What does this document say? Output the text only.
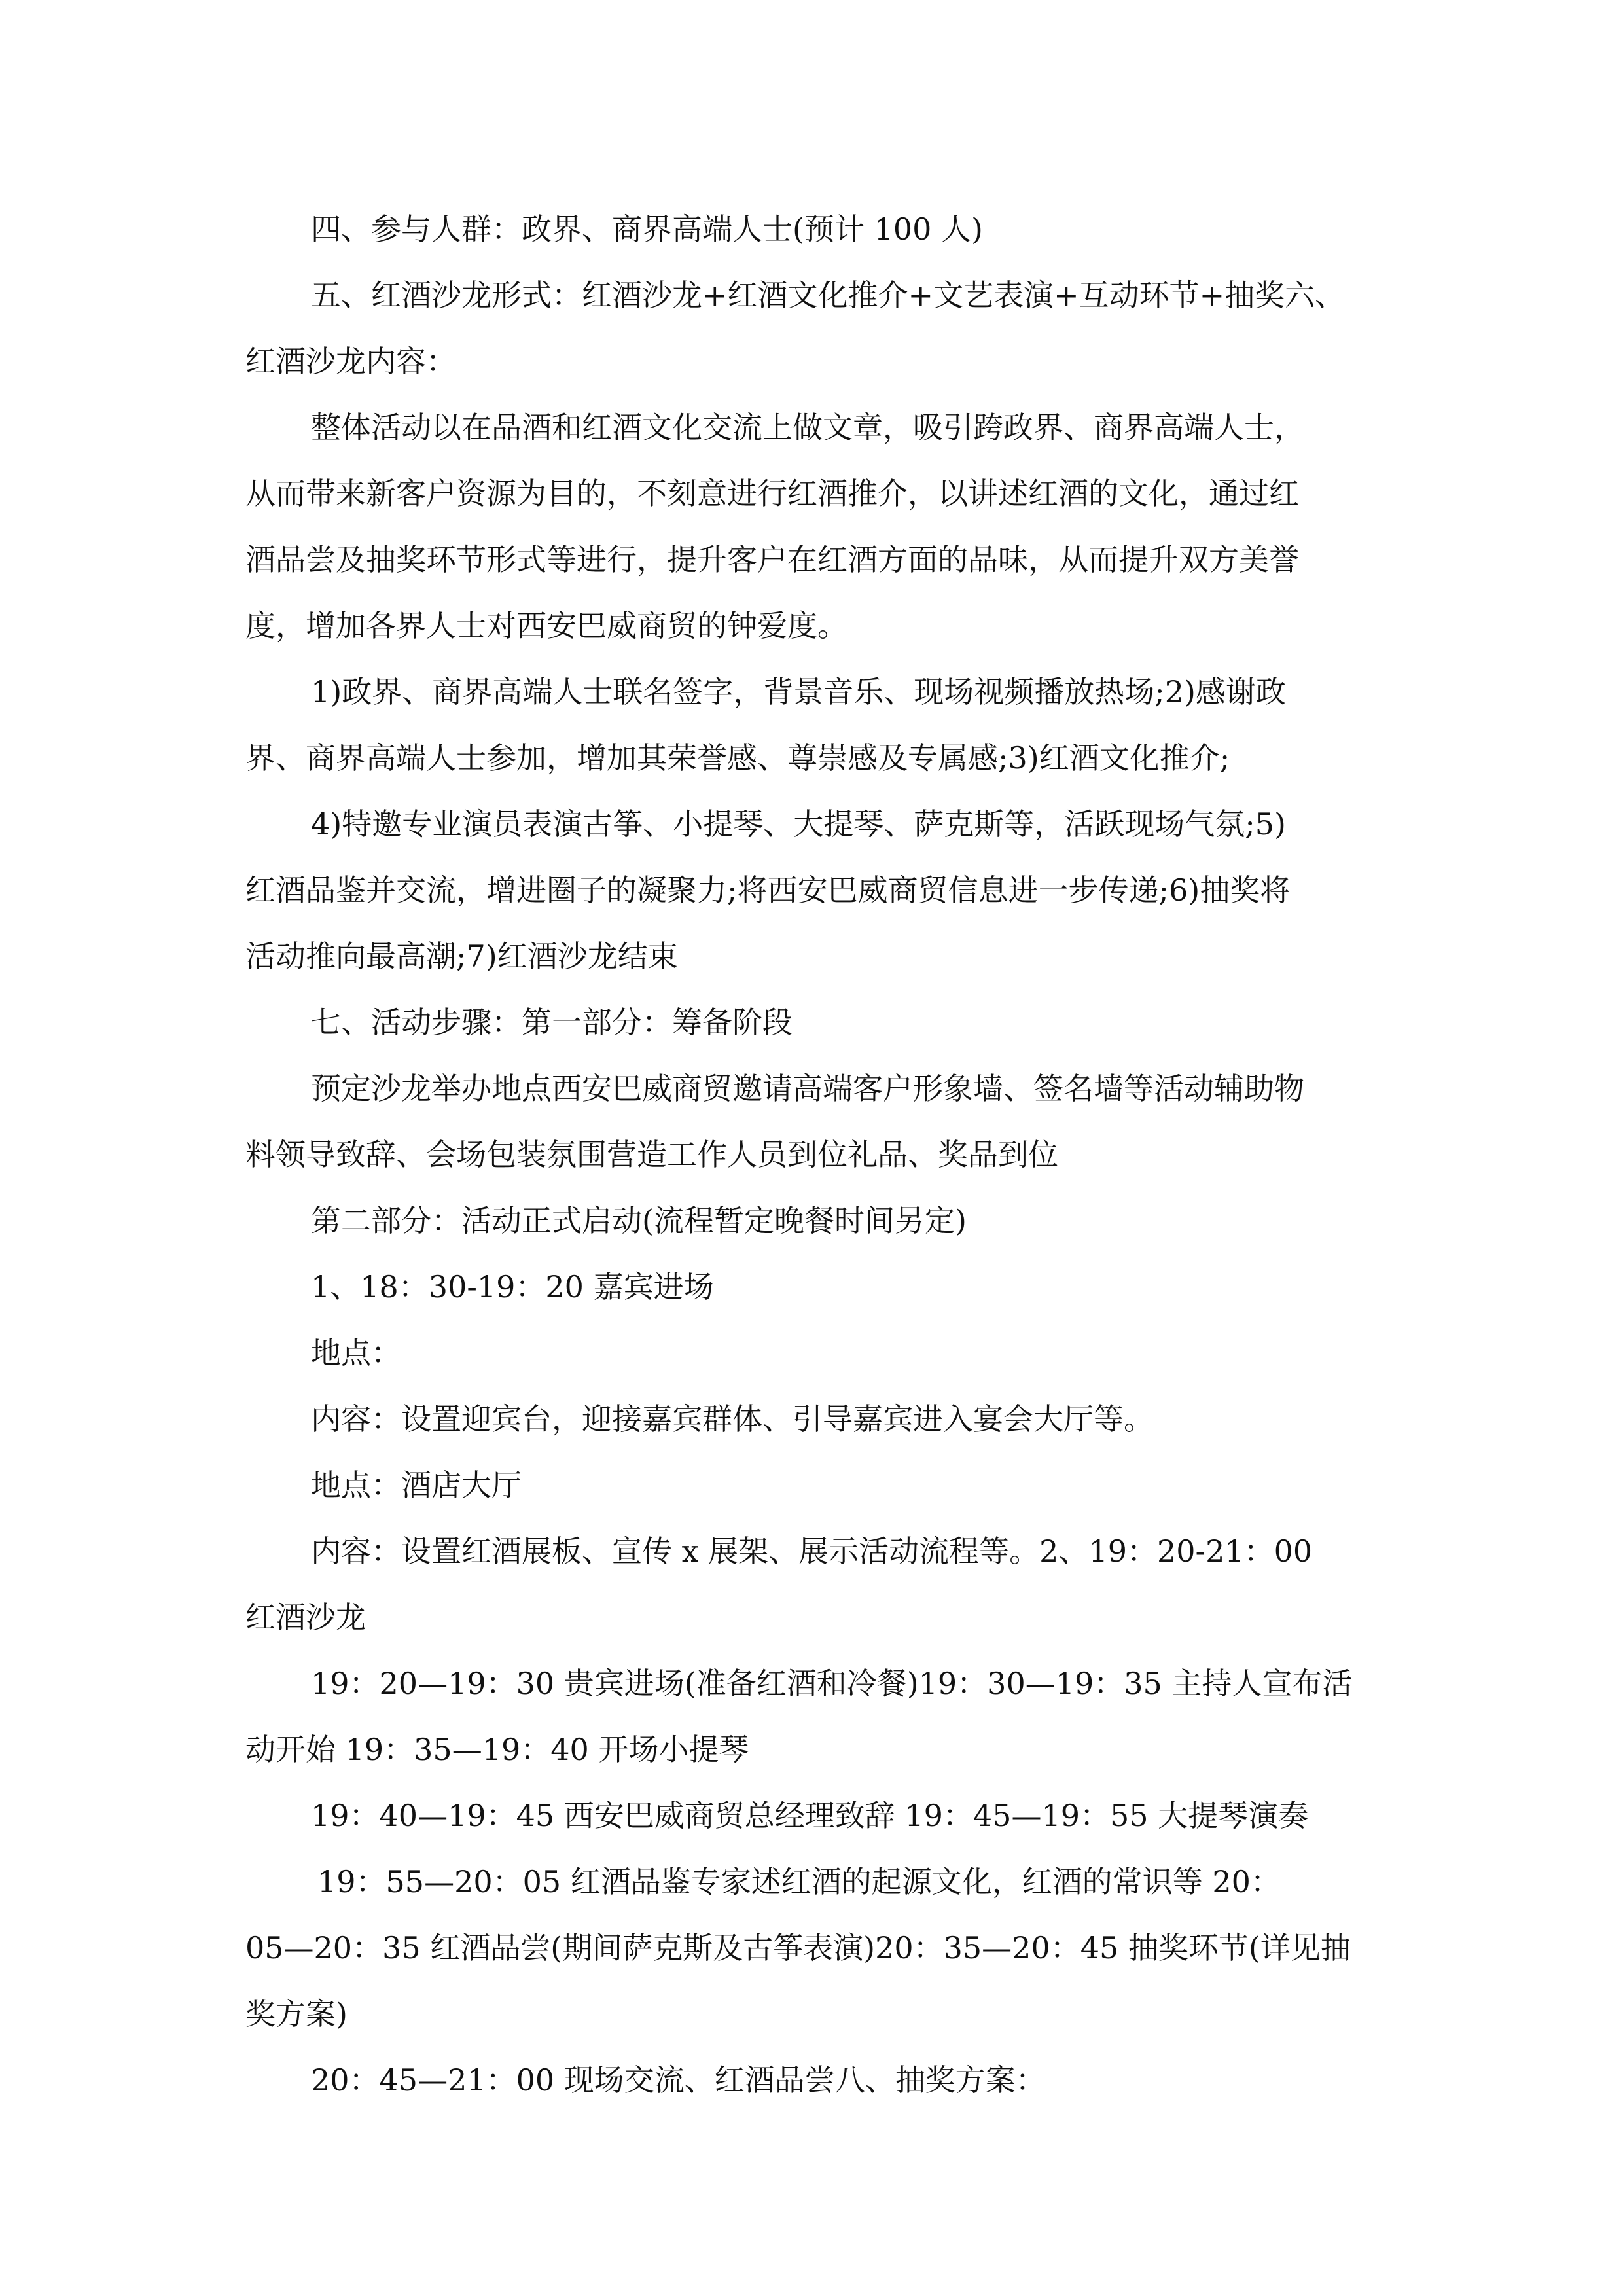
四、参与人群：政界、商界高端人士(预计 100 人)
五、红酒沙龙形式：红酒沙龙+红酒文化推介+文艺表演+互动环节+抽奖六、
红酒沙龙内容：
整体活动以在品酒和红酒文化交流上做文章，吸引跨政界、商界高端人士，
从而带来新客户资源为目的，不刻意进行红酒推介，以讲述红酒的文化，通过红
酒品尝及抽奖环节形式等进行，提升客户在红酒方面的品味，从而提升双方美誉
度，增加各界人士对西安巴威商贸的钟爱度。
1)政界、商界高端人士联名签字，背景音乐、现场视频播放热场;2)感谢政
界、商界高端人士参加，增加其荣誉感、尊崇感及专属感;3)红酒文化推介;
4)特邀专业演员表演古筝、小提琴、大提琴、萨克斯等，活跃现场气氛;5)
红酒品鉴并交流，增进圈子的凝聚力;将西安巴威商贸信息进一步传递;6)抽奖将
活动推向最高潮;7)红酒沙龙结束
七、活动步骤：第一部分：筹备阶段
预定沙龙举办地点西安巴威商贸邀请高端客户形象墙、签名墙等活动辅助物
料领导致辞、会场包装氛围营造工作人员到位礼品、奖品到位
第二部分：活动正式启动(流程暂定晚餐时间另定)
1、18：30-19：20 嘉宾进场
地点：
内容：设置迎宾台，迎接嘉宾群体、引导嘉宾进入宴会大厅等。
地点：酒店大厅
内容：设置红酒展板、宣传 x 展架、展示活动流程等。2、19：20-21：00
红酒沙龙
19：20—19：30 贵宾进场(准备红酒和冷餐)19：30—19：35 主持人宣布活
动开始 19：35—19：40 开场小提琴
19：40—19：45 西安巴威商贸总经理致辞 19：45—19：55 大提琴演奏
19：55—20：05 红酒品鉴专家述红酒的起源文化，红酒的常识等 20：
05—20：35 红酒品尝(期间萨克斯及古筝表演)20：35—20：45 抽奖环节(详见抽
奖方案)
20：45—21：00 现场交流、红酒品尝八、抽奖方案：
